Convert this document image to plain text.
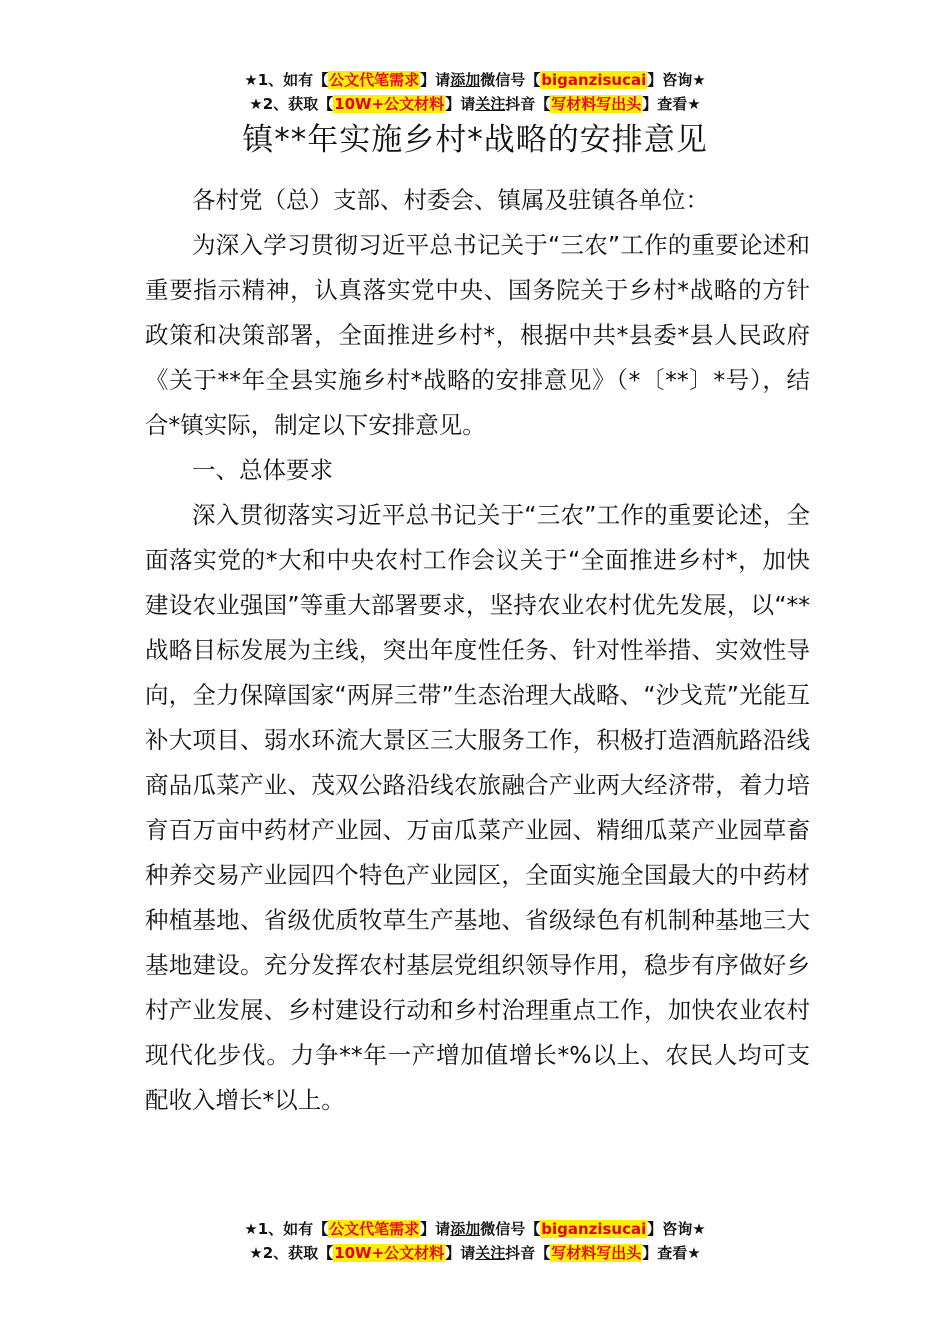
★1、如有【公文代笔需求】请添加微信号【biganzisucai】咨询★
★2、获取【10W+公文材料】请关注抖音【写材料写出头】查看★
镇**年实施乡村*战略的安排意见

各村党（总）支部、村委会、镇属及驻镇各单位：

为深入学习贯彻习近平总书记关于“三农”工作的重要论述和重要指示精神，认真落实党中央、国务院关于乡村*战略的方针政策和决策部署，全面推进乡村*，根据中共*县委*县人民政府《关于**年全县实施乡村*战略的安排意见》（*〔**〕*号），结合*镇实际，制定以下安排意见。

一、总体要求

深入贯彻落实习近平总书记关于“三农”工作的重要论述，全面落实党的*大和中央农村工作会议关于“全面推进乡村*，加快建设农业强国”等重大部署要求，坚持农业农村优先发展，以“**战略目标发展为主线，突出年度性任务、针对性举措、实效性导向，全力保障国家“两屏三带”生态治理大战略、“沙戈荒”光能互补大项目、弱水环流大景区三大服务工作，积极打造酒航路沿线商品瓜菜产业、茂双公路沿线农旅融合产业两大经济带，着力培育百万亩中药材产业园、万亩瓜菜产业园、精细瓜菜产业园草畜种养交易产业园四个特色产业园区，全面实施全国最大的中药材种植基地、省级优质牧草生产基地、省级绿色有机制种基地三大基地建设。充分发挥农村基层党组织领导作用，稳步有序做好乡村产业发展、乡村建设行动和乡村治理重点工作，加快农业农村现代化步伐。力争**年一产增加值增长*%以上、农民人均可支配收入增长*以上。

★1、如有【公文代笔需求】请添加微信号【biganzisucai】咨询★
★2、获取【10W+公文材料】请关注抖音【写材料写出头】查看★
